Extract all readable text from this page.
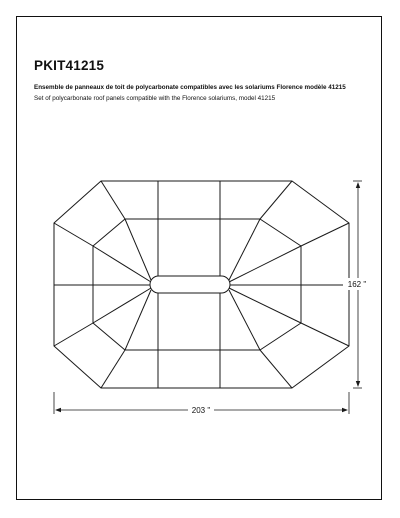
PKIT41215
Ensemble de panneaux de toit de polycarbonate compatibles avec les solariums Florence modèle 41215
Set of polycarbonate roof panels compatible with the Florence solariums, model 41215
203 "
162 "
